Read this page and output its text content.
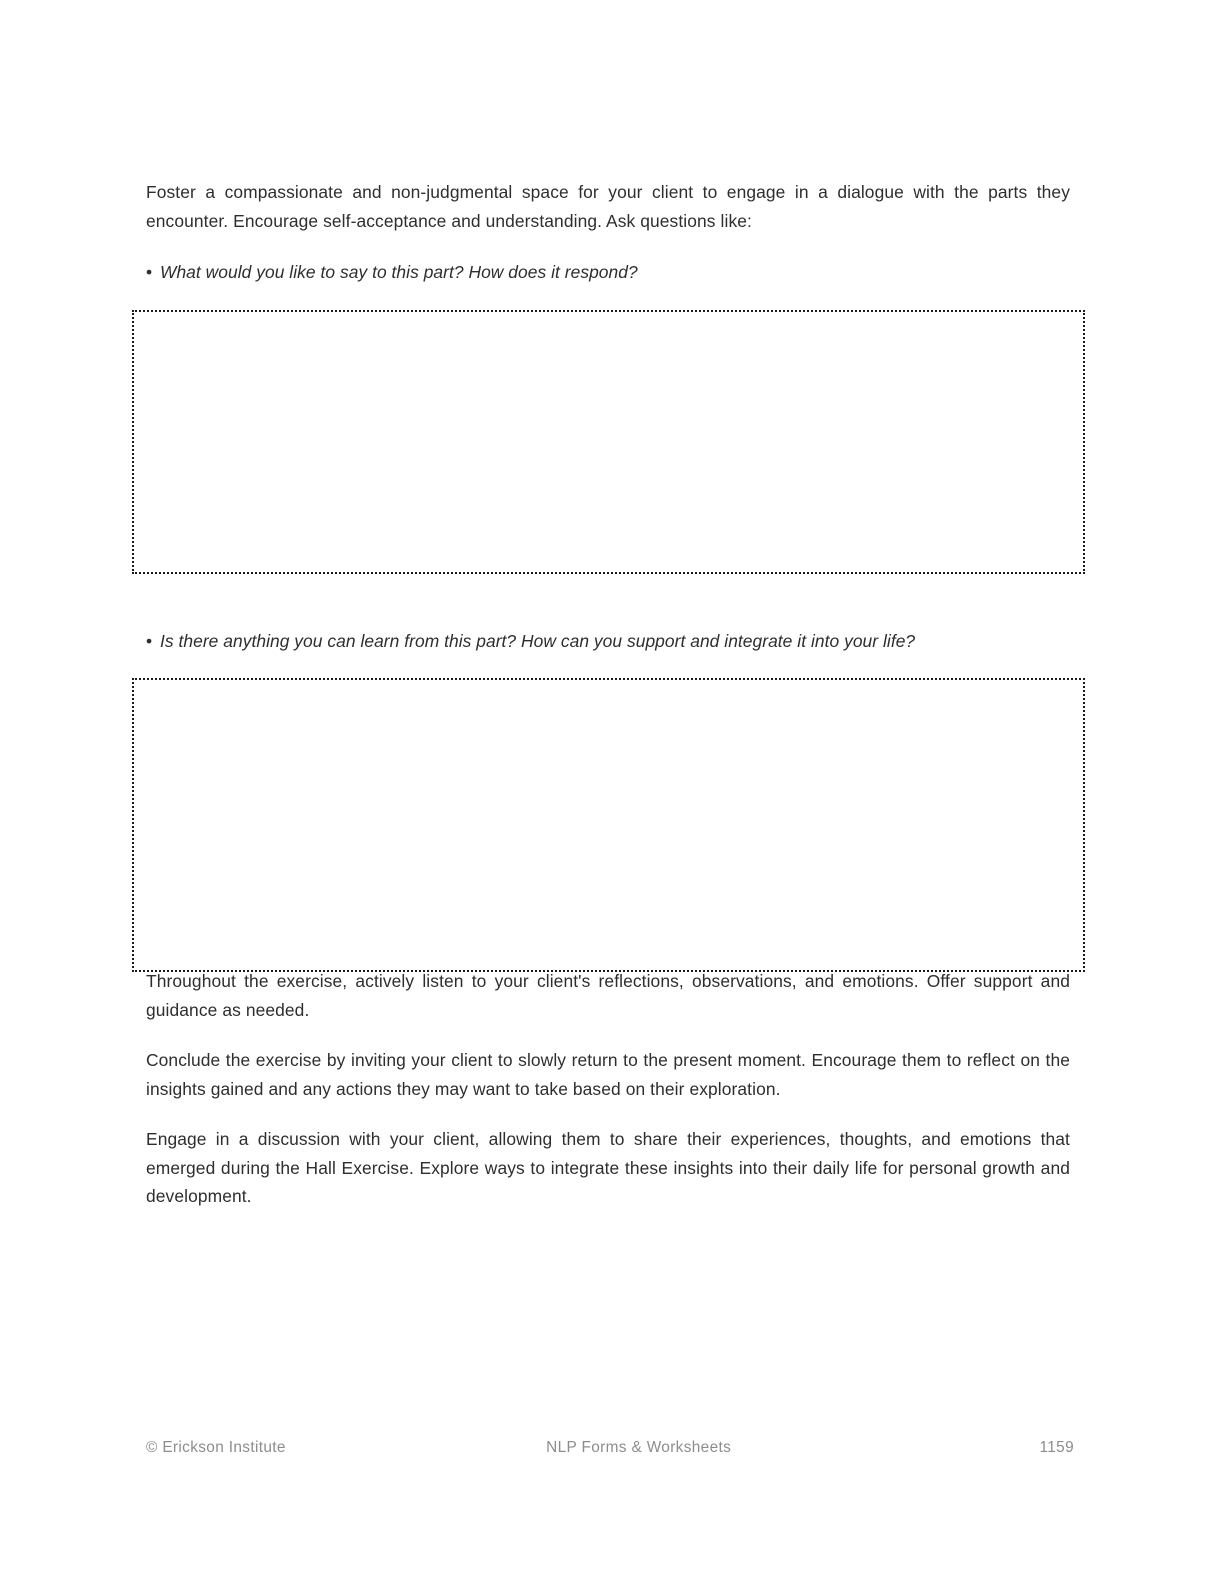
Foster a compassionate and non-judgmental space for your client to engage in a dialogue with the parts they encounter. Encourage self-acceptance and understanding. Ask questions like:

• What would you like to say to this part? How does it respond?

• Is there anything you can learn from this part? How can you support and integrate it into your life?

Throughout the exercise, actively listen to your client's reflections, observations, and emotions. Offer support and guidance as needed.

Conclude the exercise by inviting your client to slowly return to the present moment. Encourage them to reflect on the insights gained and any actions they may want to take based on their exploration.

Engage in a discussion with your client, allowing them to share their experiences, thoughts, and emotions that emerged during the Hall Exercise. Explore ways to integrate these insights into their daily life for personal growth and development.

© Erickson Institute	NLP Forms & Worksheets	1159
